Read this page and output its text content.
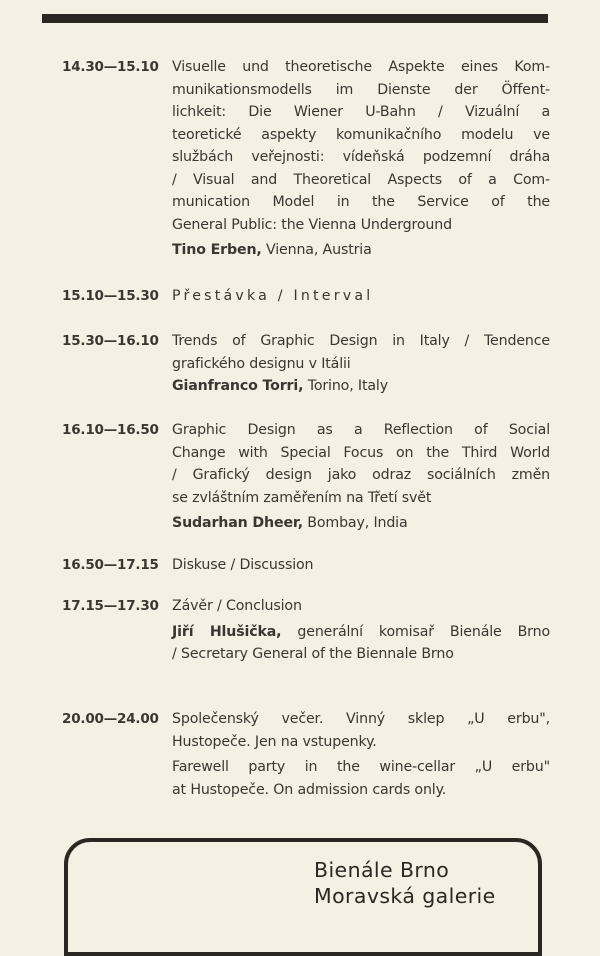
14.30—15.10 Visuelle und theoretische Aspekte eines Kom-
munikationsmodells im Dienste der Öffent-
lichkeit: Die Wiener U-Bahn / Vizuální a
teoretické aspekty komunikačního modelu ve
službách veřejnosti: vídeňská podzemní dráha
/ Visual and Theoretical Aspects of a Com-
munication Model in the Service of the
General Public: the Vienna Underground
Tino Erben, Vienna, Austria
15.10—15.30 Přestávka / Interval
15.30—16.10 Trends of Graphic Design in Italy / Tendence
grafického designu v Itálii
Gianfranco Torri, Torino, Italy
16.10—16.50 Graphic Design as a Reflection of Social
Change with Special Focus on the Third World
/ Grafický design jako odraz sociálních změn
se zvláštním zaměřením na Třetí svět
Sudarhan Dheer, Bombay, India
16.50—17.15 Diskuse / Discussion
17.15—17.30 Závěr / Conclusion
Jiří Hlušička, generální komisař Bienále Brno
/ Secretary General of the Biennale Brno
20.00—24.00 Společenský večer. Vinný sklep „U erbu",
Hustopeče. Jen na vstupenky.
Farewell party in the wine-cellar „U erbu"
at Hustopeče. On admission cards only.
Bienále Brno
Moravská galerie
